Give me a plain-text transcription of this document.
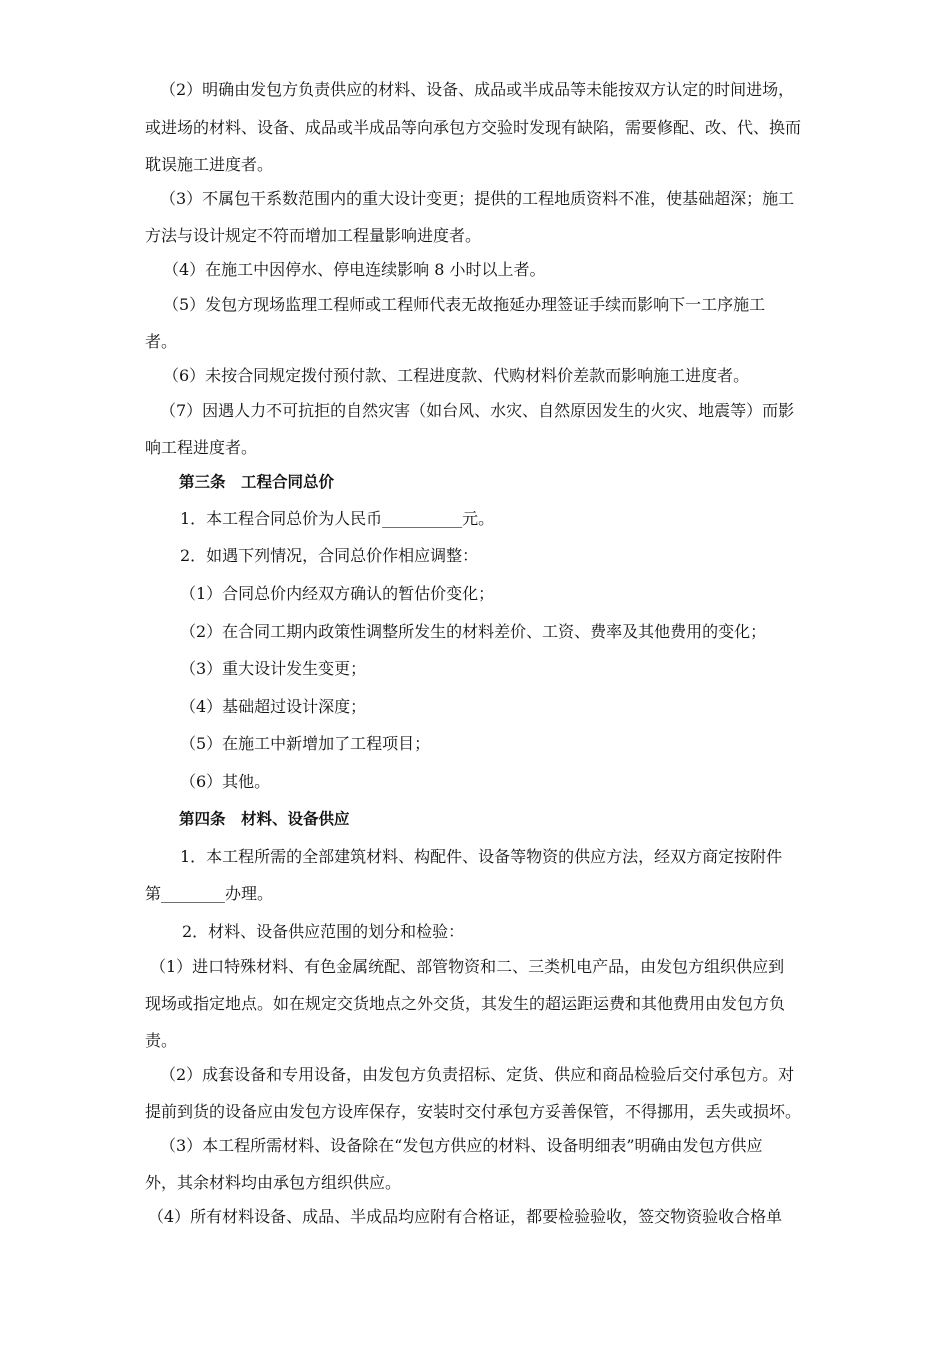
（2）明确由发包方负责供应的材料、设备、成品或半成品等未能按双方认定的时间进场，
或进场的材料、设备、成品或半成品等向承包方交验时发现有缺陷，需要修配、改、代、换而
耽误施工进度者。
（3）不属包干系数范围内的重大设计变更；提供的工程地质资料不准，使基础超深；施工
方法与设计规定不符而增加工程量影响进度者。
（4）在施工中因停水、停电连续影响 8 小时以上者。
（5）发包方现场监理工程师或工程师代表无故拖延办理签证手续而影响下一工序施工
者。
（6）未按合同规定拨付预付款、工程进度款、代购材料价差款而影响施工进度者。
（7）因遇人力不可抗拒的自然灾害（如台风、水灾、自然原因发生的火灾、地震等）而影
响工程进度者。
第三条　工程合同总价
1．本工程合同总价为人民币__________元。
2．如遇下列情况，合同总价作相应调整：
（1）合同总价内经双方确认的暂估价变化；
（2）在合同工期内政策性调整所发生的材料差价、工资、费率及其他费用的变化；
（3）重大设计发生变更；
（4）基础超过设计深度；
（5）在施工中新增加了工程项目；
（6）其他。
第四条　材料、设备供应
1．本工程所需的全部建筑材料、构配件、设备等物资的供应方法，经双方商定按附件
第________办理。
2．材料、设备供应范围的划分和检验：
（1）进口特殊材料、有色金属统配、部管物资和二、三类机电产品，由发包方组织供应到
现场或指定地点。如在规定交货地点之外交货，其发生的超运距运费和其他费用由发包方负
责。
（2）成套设备和专用设备，由发包方负责招标、定货、供应和商品检验后交付承包方。对
提前到货的设备应由发包方设库保存，安装时交付承包方妥善保管，不得挪用，丢失或损坏。
（3）本工程所需材料、设备除在“发包方供应的材料、设备明细表”明确由发包方供应
外，其余材料均由承包方组织供应。
（4）所有材料设备、成品、半成品均应附有合格证，都要检验验收，签交物资验收合格单
